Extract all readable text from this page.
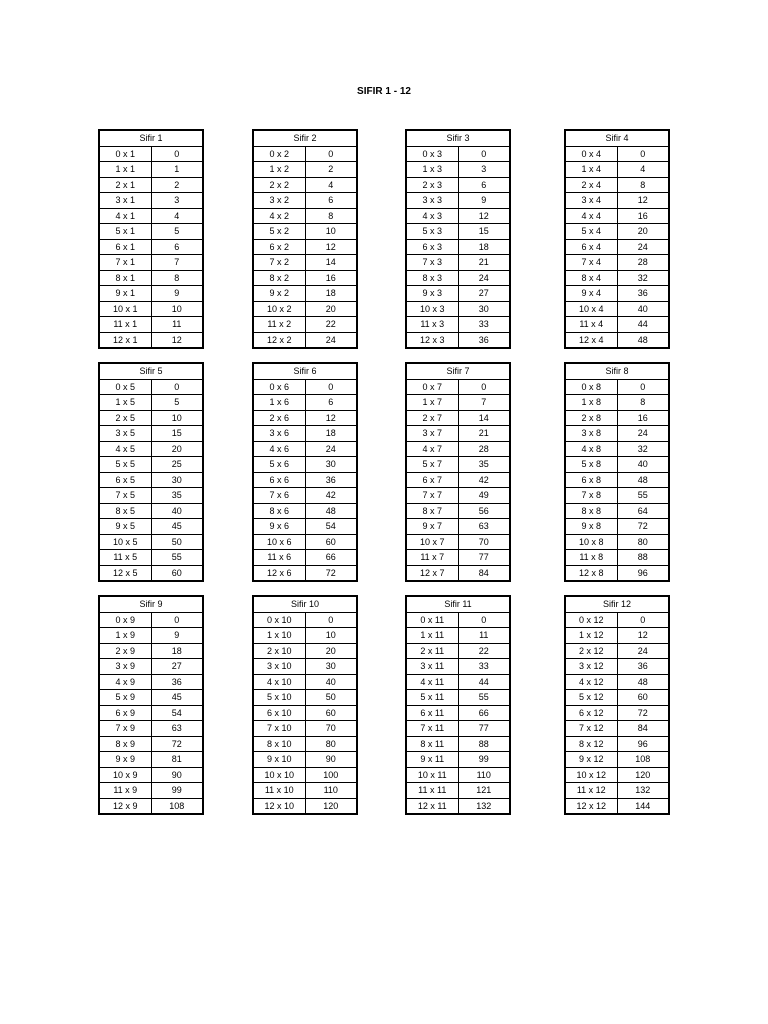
SIFIR 1 - 12
Sifir 1	
0 x 1	0
1 x 1	1
2 x 1	2
3 x 1	3
4 x 1	4
5 x 1	5
6 x 1	6
7 x 1	7
8 x 1	8
9 x 1	9
10 x 1	10
11 x 1	11
12 x 1	12
Sifir 2	
0 x 2	0
1 x 2	2
2 x 2	4
3 x 2	6
4 x 2	8
5 x 2	10
6 x 2	12
7 x 2	14
8 x 2	16
9 x 2	18
10 x 2	20
11 x 2	22
12 x 2	24
Sifir 3	
0 x 3	0
1 x 3	3
2 x 3	6
3 x 3	9
4 x 3	12
5 x 3	15
6 x 3	18
7 x 3	21
8 x 3	24
9 x 3	27
10 x 3	30
11 x 3	33
12 x 3	36
Sifir 4	
0 x 4	0
1 x 4	4
2 x 4	8
3 x 4	12
4 x 4	16
5 x 4	20
6 x 4	24
7 x 4	28
8 x 4	32
9 x 4	36
10 x 4	40
11 x 4	44
12 x 4	48
Sifir 5	
0 x 5	0
1 x 5	5
2 x 5	10
3 x 5	15
4 x 5	20
5 x 5	25
6 x 5	30
7 x 5	35
8 x 5	40
9 x 5	45
10 x 5	50
11 x 5	55
12 x 5	60
Sifir 6	
0 x 6	0
1 x 6	6
2 x 6	12
3 x 6	18
4 x 6	24
5 x 6	30
6 x 6	36
7 x 6	42
8 x 6	48
9 x 6	54
10 x 6	60
11 x 6	66
12 x 6	72
Sifir 7	
0 x 7	0
1 x 7	7
2 x 7	14
3 x 7	21
4 x 7	28
5 x 7	35
6 x 7	42
7 x 7	49
8 x 7	56
9 x 7	63
10 x 7	70
11 x 7	77
12 x 7	84
Sifir 8	
0 x 8	0
1 x 8	8
2 x 8	16
3 x 8	24
4 x 8	32
5 x 8	40
6 x 8	48
7 x 8	55
8 x 8	64
9 x 8	72
10 x 8	80
11 x 8	88
12 x 8	96
Sifir 9	
0 x 9	0
1 x 9	9
2 x 9	18
3 x 9	27
4 x 9	36
5 x 9	45
6 x 9	54
7 x 9	63
8 x 9	72
9 x 9	81
10 x 9	90
11 x 9	99
12 x 9	108
Sifir 10	
0 x 10	0
1 x 10	10
2 x 10	20
3 x 10	30
4 x 10	40
5 x 10	50
6 x 10	60
7 x 10	70
8 x 10	80
9 x 10	90
10 x 10	100
11 x 10	110
12 x 10	120
Sifir 11	
0 x 11	0
1 x 11	11
2 x 11	22
3 x 11	33
4 x 11	44
5 x 11	55
6 x 11	66
7 x 11	77
8 x 11	88
9 x 11	99
10 x 11	110
11 x 11	121
12 x 11	132
Sifir 12	
0 x 12	0
1 x 12	12
2 x 12	24
3 x 12	36
4 x 12	48
5 x 12	60
6 x 12	72
7 x 12	84
8 x 12	96
9 x 12	108
10 x 12	120
11 x 12	132
12 x 12	144
